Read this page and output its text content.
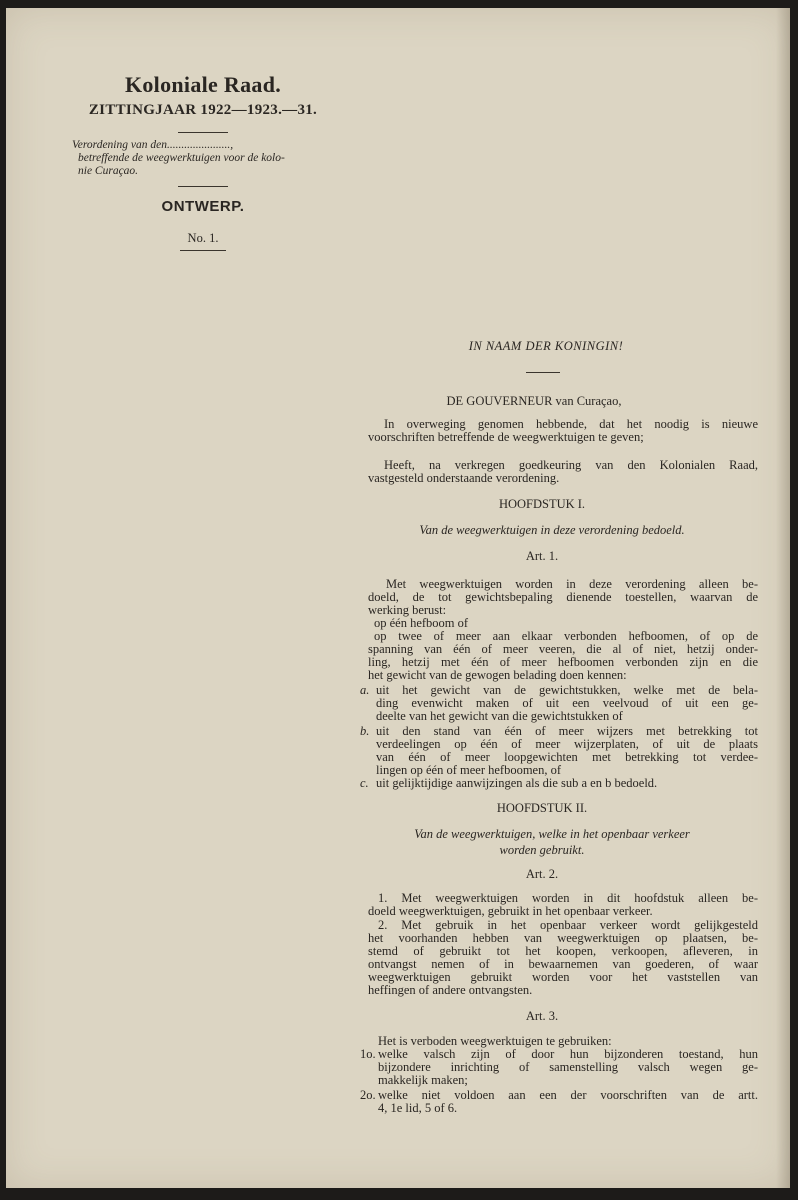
Koloniale Raad.
ZITTINGJAAR 1922—1923.—31.
Verordening van den......................,
betreffende de weegwerktuigen voor de kolo-
nie Curaçao.
ONTWERP.
No. 1.
IN NAAM DER KONINGIN!
DE GOUVERNEUR van Curaçao,
In overweging genomen hebbende, dat het noodig is nieuwe
voorschriften betreffende de weegwerktuigen te geven;
Heeft, na verkregen goedkeuring van den Kolonialen Raad,
vastgesteld onderstaande verordening.
HOOFDSTUK I.
Van de weegwerktuigen in deze verordening bedoeld.
Art. 1.
Met weegwerktuigen worden in deze verordening alleen be-
doeld, de tot gewichtsbepaling dienende toestellen, waarvan de
werking berust:
op één hefboom of
op twee of meer aan elkaar verbonden hefboomen, of op de
spanning van één of meer veeren, die al of niet, hetzij onder-
ling, hetzij met één of meer hefboomen verbonden zijn en die
het gewicht van de gewogen belading doen kennen:
a. uit het gewicht van de gewichtstukken, welke met de bela-
ding evenwicht maken of uit een veelvoud of uit een ge-
deelte van het gewicht van die gewichtstukken of
b. uit den stand van één of meer wijzers met betrekking tot
verdeelingen op één of meer wijzerplaten, of uit de plaats
van één of meer loopgewichten met betrekking tot verdee-
lingen op één of meer hefboomen, of
c. uit gelijktijdige aanwijzingen als die sub a en b bedoeld.
HOOFDSTUK II.
Van de weegwerktuigen, welke in het openbaar verkeer
worden gebruikt.
Art. 2.
1. Met weegwerktuigen worden in dit hoofdstuk alleen be-
doeld weegwerktuigen, gebruikt in het openbaar verkeer.
2. Met gebruik in het openbaar verkeer wordt gelijkgesteld
het voorhanden hebben van weegwerktuigen op plaatsen, be-
stemd of gebruikt tot het koopen, verkoopen, afleveren, in
ontvangst nemen of in bewaarnemen van goederen, of waar
weegwerktuigen gebruikt worden voor het vaststellen van
heffingen of andere ontvangsten.
Art. 3.
Het is verboden weegwerktuigen te gebruiken:
1o. welke valsch zijn of door hun bijzonderen toestand, hun
bijzondere inrichting of samenstelling valsch wegen ge-
makkelijk maken;
2o. welke niet voldoen aan een der voorschriften van de artt.
4, 1e lid, 5 of 6.
